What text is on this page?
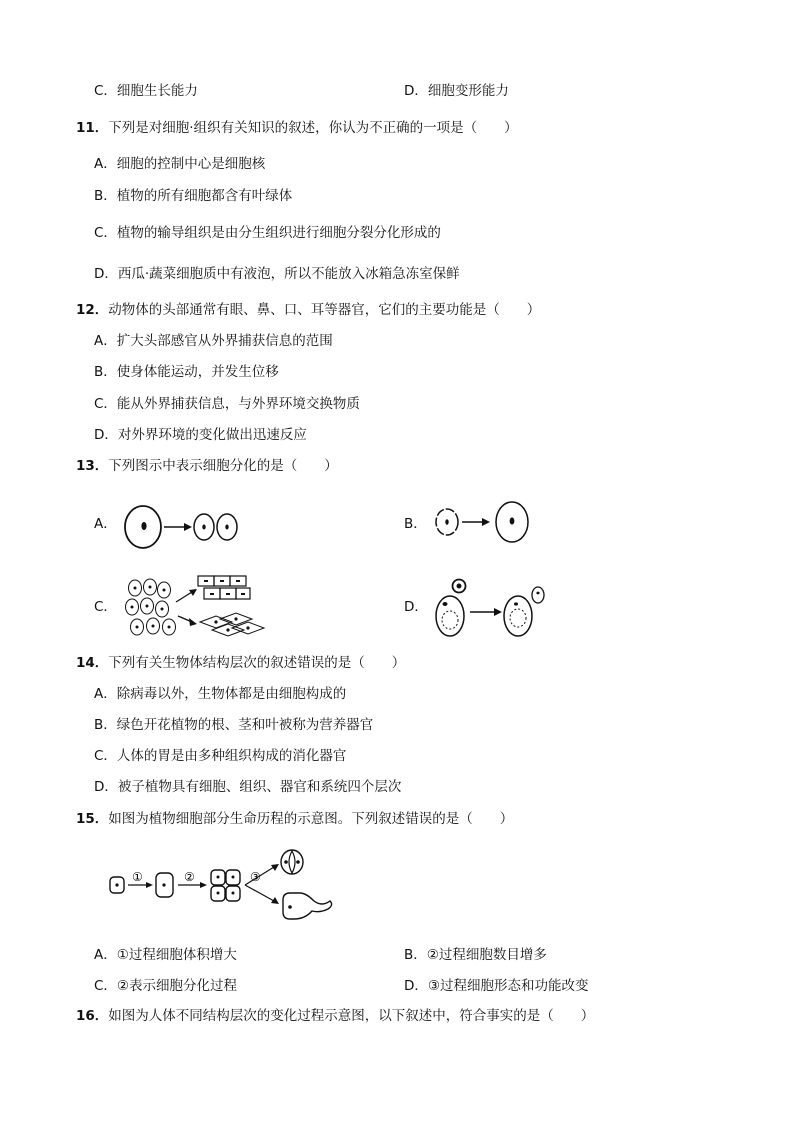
C．细胞生长能力	D．细胞变形能力
11．下列是对细胞·组织有关知识的叙述，你认为不正确的一项是（　　）
A．细胞的控制中心是细胞核
B．植物的所有细胞都含有叶绿体
C．植物的输导组织是由分生组织进行细胞分裂分化形成的
D．西瓜·蔬菜细胞质中有液泡，所以不能放入冰箱急冻室保鲜
12．动物体的头部通常有眼、鼻、口、耳等器官，它们的主要功能是（　　）
A．扩大头部感官从外界捕获信息的范围
B．使身体能运动，并发生位移
C．能从外界捕获信息，与外界环境交换物质
D．对外界环境的变化做出迅速反应
13．下列图示中表示细胞分化的是（　　）
A．	B．
C．	D．
14．下列有关生物体结构层次的叙述错误的是（　　）
A．除病毒以外，生物体都是由细胞构成的
B．绿色开花植物的根、茎和叶被称为营养器官
C．人体的胃是由多种组织构成的消化器官
D．被子植物具有细胞、组织、器官和系统四个层次
15．如图为植物细胞部分生命历程的示意图。下列叙述错误的是（　　）
①	②	③
A．①过程细胞体积增大	B．②过程细胞数目增多
C．②表示细胞分化过程	D．③过程细胞形态和功能改变
16．如图为人体不同结构层次的变化过程示意图，以下叙述中，符合事实的是（　　）
